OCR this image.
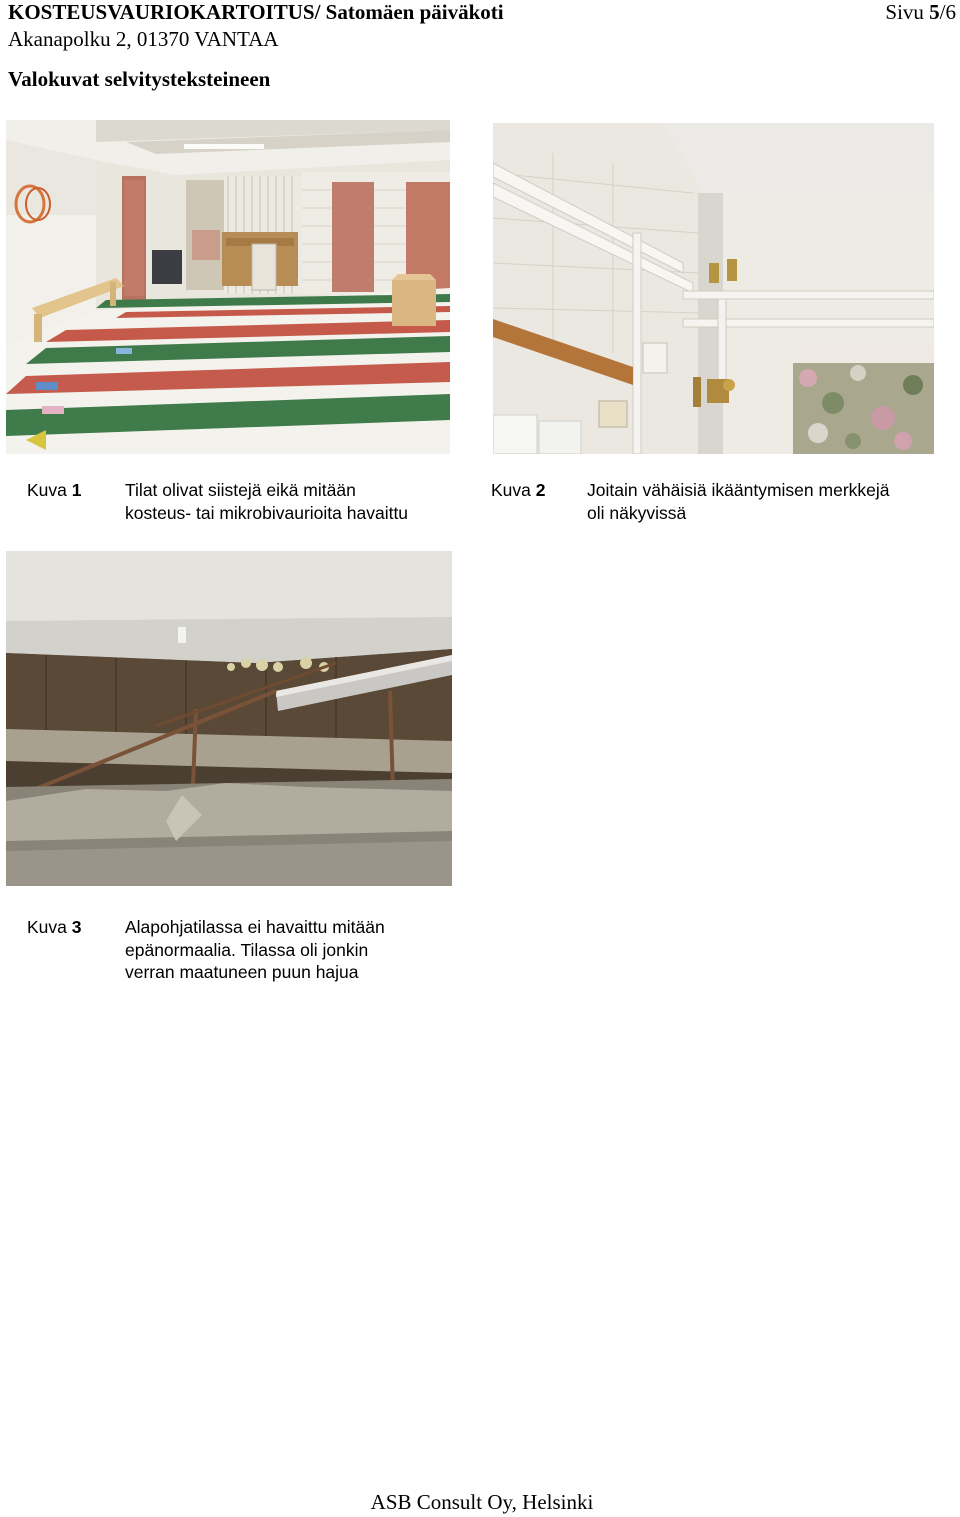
KOSTEUSVAURIOKARTOITUS/ Satomäen päiväkoti	Sivu 5/6
Akanapolku 2, 01370 VANTAA
Valokuvat selvitysteksteineen
Kuva 1 Tilat olivat siistejä eikä mitään
kosteus- tai mikrobivaurioita havaittu
Kuva 2 Joitain vähäisiä ikääntymisen merkkejä
oli näkyvissä
Kuva 3 Alapohjatilassa ei havaittu mitään
epänormaalia. Tilassa oli jonkin
verran maatuneen puun hajua
ASB Consult Oy, Helsinki
